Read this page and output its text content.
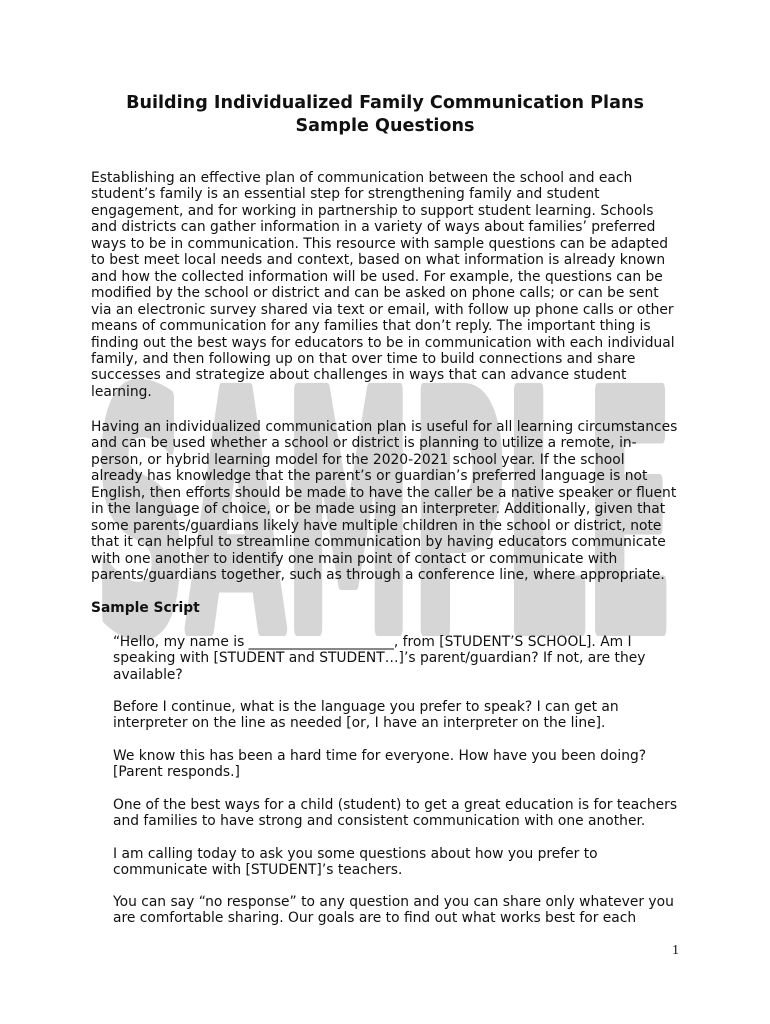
SAMPLE
Building Individualized Family Communication Plans
Sample Questions
Establishing an effective plan of communication between the school and each
student’s family is an essential step for strengthening family and student
engagement, and for working in partnership to support student learning. Schools
and districts can gather information in a variety of ways about families’ preferred
ways to be in communication. This resource with sample questions can be adapted
to best meet local needs and context, based on what information is already known
and how the collected information will be used. For example, the questions can be
modified by the school or district and can be asked on phone calls; or can be sent
via an electronic survey shared via text or email, with follow up phone calls or other
means of communication for any families that don’t reply. The important thing is
finding out the best ways for educators to be in communication with each individual
family, and then following up on that over time to build connections and share
successes and strategize about challenges in ways that can advance student
learning.
Having an individualized communication plan is useful for all learning circumstances
and can be used whether a school or district is planning to utilize a remote, in-
person, or hybrid learning model for the 2020-2021 school year. If the school
already has knowledge that the parent’s or guardian’s preferred language is not
English, then efforts should be made to have the caller be a native speaker or fluent
in the language of choice, or be made using an interpreter. Additionally, given that
some parents/guardians likely have multiple children in the school or district, note
that it can helpful to streamline communication by having educators communicate
with one another to identify one main point of contact or communicate with
parents/guardians together, such as through a conference line, where appropriate.
Sample Script
“Hello, my name is _____________________, from [STUDENT’S SCHOOL]. Am I
speaking with [STUDENT and STUDENT…]’s parent/guardian? If not, are they
available?
Before I continue, what is the language you prefer to speak? I can get an
interpreter on the line as needed [or, I have an interpreter on the line].
We know this has been a hard time for everyone. How have you been doing?
[Parent responds.]
One of the best ways for a child (student) to get a great education is for teachers
and families to have strong and consistent communication with one another.
I am calling today to ask you some questions about how you prefer to
communicate with [STUDENT]’s teachers.
You can say “no response” to any question and you can share only whatever you
are comfortable sharing. Our goals are to find out what works best for each
1
